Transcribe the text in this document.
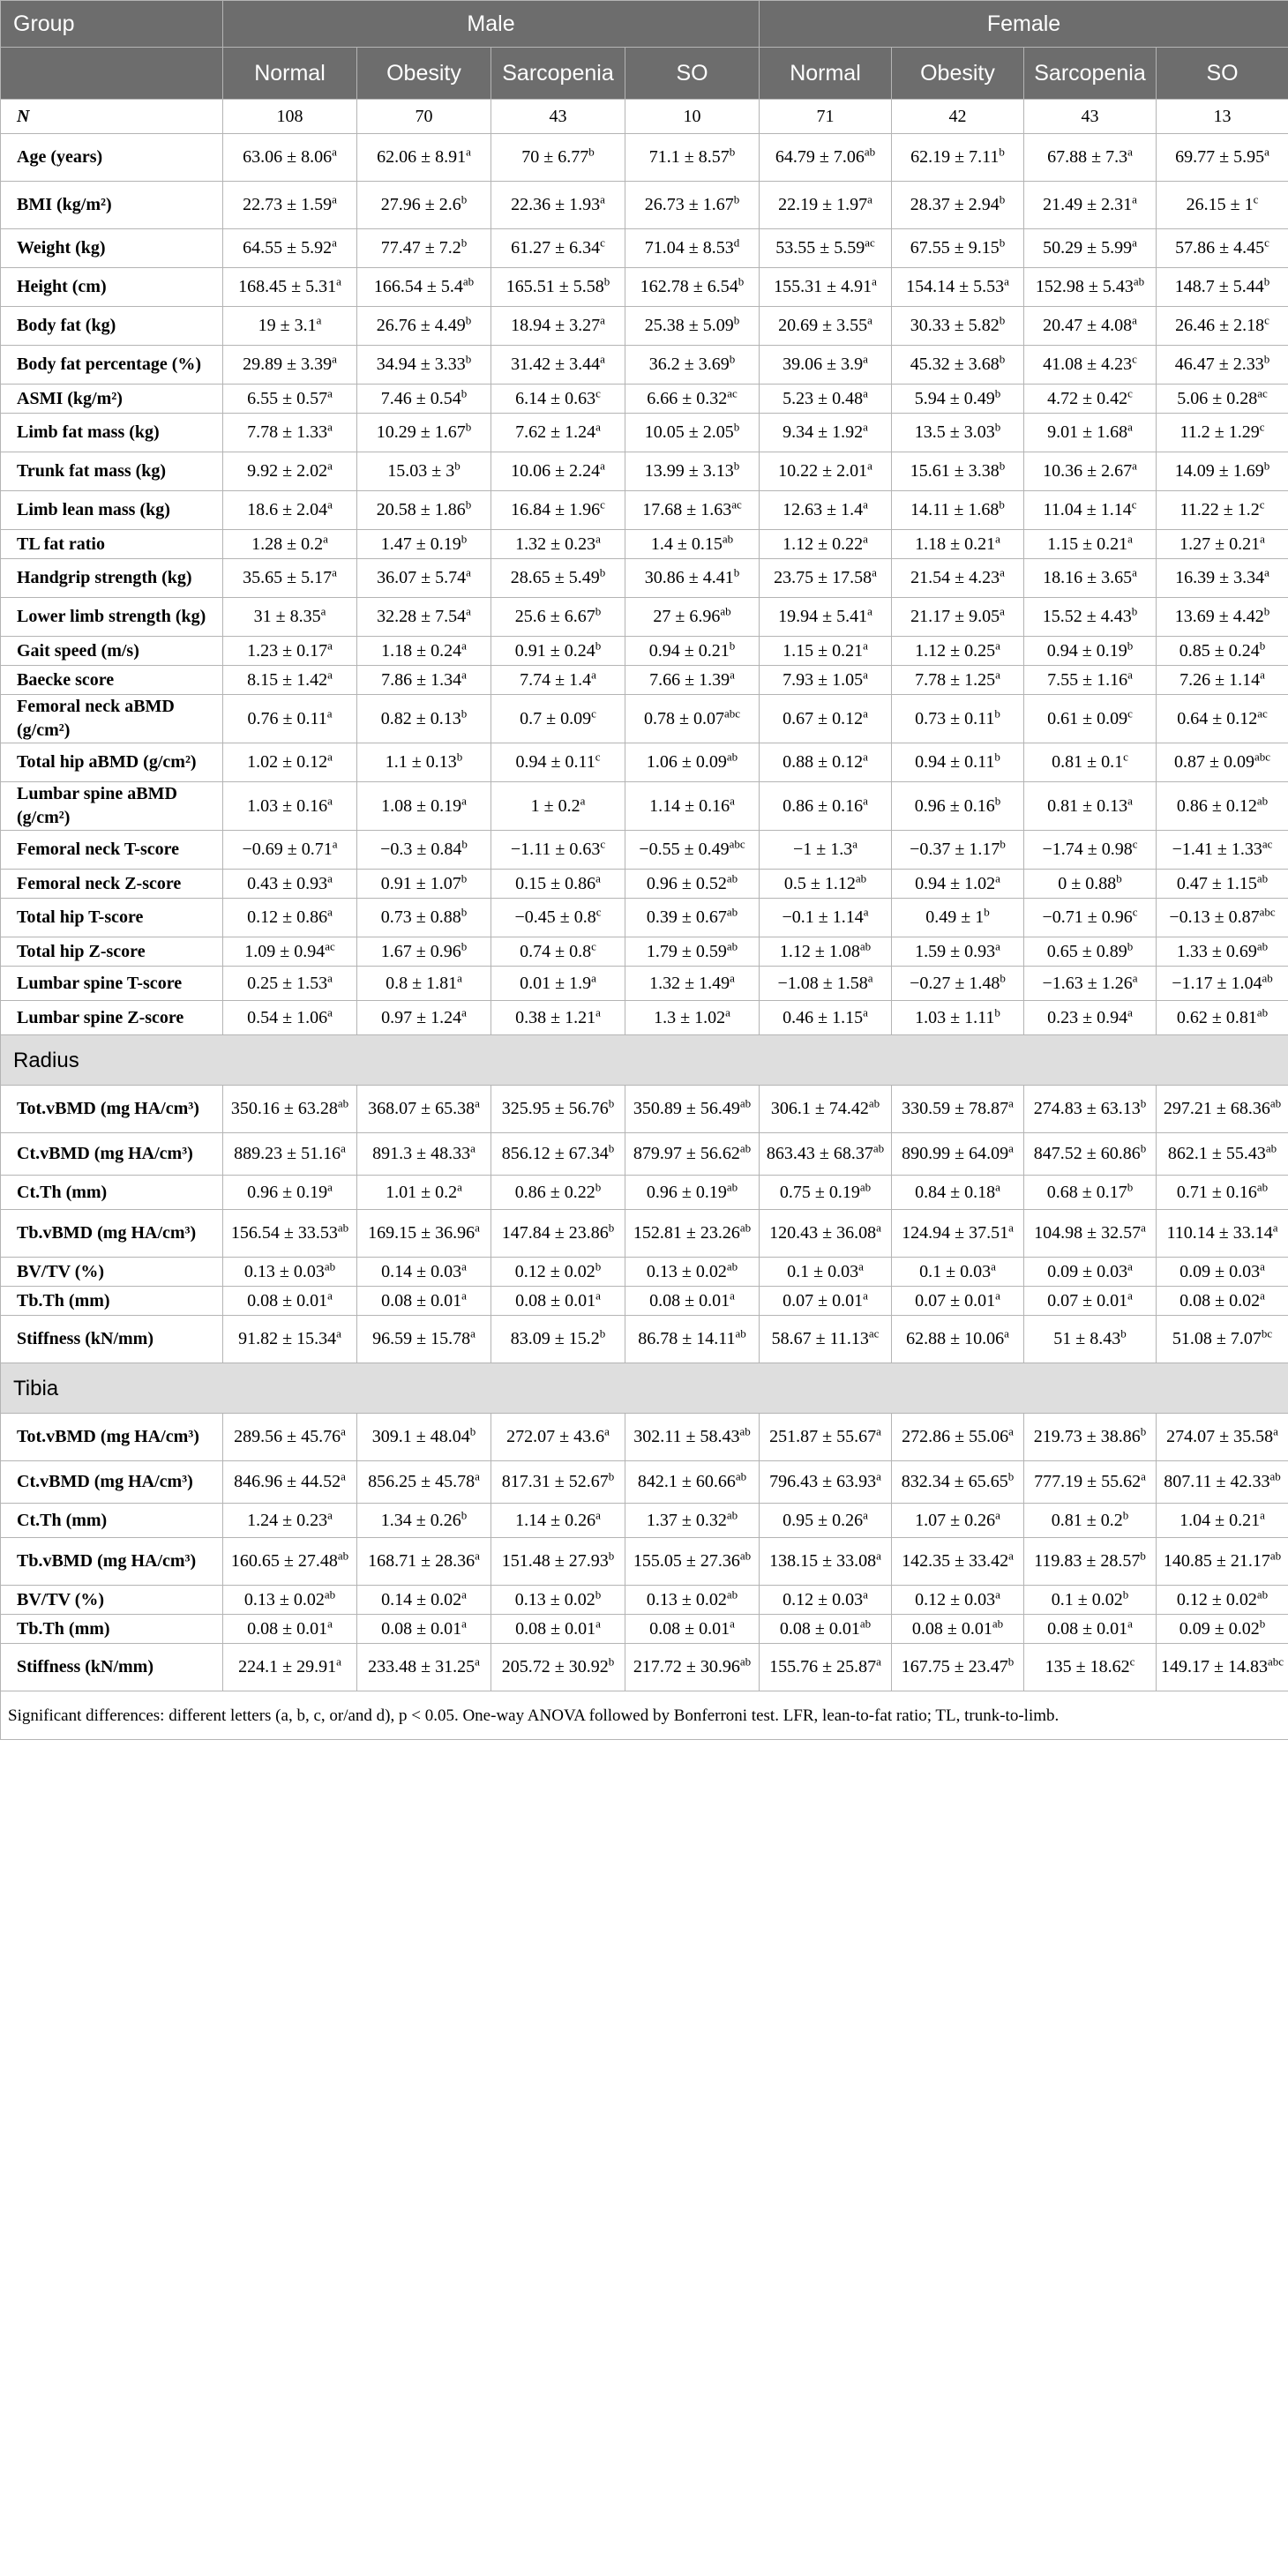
Group	Male				Female			
	Normal	Obesity	Sarcopenia	SO	Normal	Obesity	Sarcopenia	SO
N	108	70	43	10	71	42	43	13
Age (years)	63.06 ± 8.06$^a$	62.06 ± 8.91$^a$	70 ± 6.77$^b$	71.1 ± 8.57$^b$	64.79 ± 7.06$^{ab}$	62.19 ± 7.11$^b$	67.88 ± 7.3$^a$	69.77 ± 5.95$^a$
BMI (kg/m²)	22.73 ± 1.59$^a$	27.96 ± 2.6$^b$	22.36 ± 1.93$^a$	26.73 ± 1.67$^b$	22.19 ± 1.97$^a$	28.37 ± 2.94$^b$	21.49 ± 2.31$^a$	$26.15 \pm 1^c$
Weight (kg)	64.55 ± 5.92$^a$	77.47 ± 7.2$^b$	61.27 ± 6.34$^c$	71.04 ± 8.53$^d$	53.55 ± 5.59$^{ac}$	67.55 ± 9.15$^b$	50.29 ± 5.99$^a$	57.86 ± 4.45$^c$
Height (cm)	168.45 ± 5.31$^a$	166.54 ± 5.4$^{ab}$	165.51 ± 5.58$^b$	162.78 ± 6.54$^b$	155.31 ± 4.91$^a$	154.14 ± 5.53$^a$	152.98 ± 5.43$^{ab}$	148.7 ± 5.44$^b$
Body fat (kg)	19 ± 3.1$^a$	26.76 ± 4.49$^b$	18.94 ± 3.27$^a$	25.38 ± 5.09$^b$	20.69 ± 3.55$^a$	30.33 ± 5.82$^b$	20.47 ± 4.08$^a$	26.46 ± 2.18$^c$
Body fat percentage (%)	29.89 ± 3.39$^a$	34.94 ± 3.33$^b$	31.42 ± 3.44$^a$	36.2 ± 3.69$^b$	39.06 ± 3.9$^a$	45.32 ± 3.68$^b$	41.08 ± 4.23$^c$	46.47 ± 2.33$^b$
ASMI (kg/m²)	6.55 ± 0.57$^a$	7.46 ± 0.54$^b$	6.14 ± 0.63$^c$	6.66 ± 0.32$^{ac}$	5.23 ± 0.48$^a$	5.94 ± 0.49$^b$	4.72 ± 0.42$^c$	5.06 ± 0.28$^{ac}$
Limb fat mass (kg)	7.78 ± 1.33$^a$	10.29 ± 1.67$^b$	7.62 ± 1.24$^a$	10.05 ± 2.05$^b$	9.34 ± 1.92$^a$	13.5 ± 3.03$^b$	9.01 ± 1.68$^a$	11.2 ± 1.29$^c$
Trunk fat mass (kg)	9.92 ± 2.02$^a$	$15.03 \pm 3^b$	10.06 ± 2.24$^a$	13.99 ± 3.13$^b$	10.22 ± 2.01$^a$	15.61 ± 3.38$^b$	10.36 ± 2.67$^a$	14.09 ± 1.69$^b$
Limb lean mass (kg)	18.6 ± 2.04$^a$	20.58 ± 1.86$^b$	16.84 ± 1.96$^c$	17.68 ± 1.63$^{ac}$	12.63 ± 1.4$^a$	14.11 ± 1.68$^b$	11.04 ± 1.14$^c$	11.22 ± 1.2$^c$
TL fat ratio	1.28 ± 0.2$^a$	1.47 ± 0.19$^b$	1.32 ± 0.23$^a$	1.4 ± 0.15$^{ab}$	1.12 ± 0.22$^a$	1.18 ± 0.21$^a$	1.15 ± 0.21$^a$	1.27 ± 0.21$^a$
Handgrip strength (kg)	35.65 ± 5.17$^a$	36.07 ± 5.74$^a$	28.65 ± 5.49$^b$	30.86 ± 4.41$^b$	23.75 ± 17.58$^a$	21.54 ± 4.23$^a$	18.16 ± 3.65$^a$	16.39 ± 3.34$^a$
Lower limb strength (kg)	31 ± 8.35$^a$	32.28 ± 7.54$^a$	25.6 ± 6.67$^b$	27 ± 6.96$^{ab}$	19.94 ± 5.41$^a$	21.17 ± 9.05$^a$	15.52 ± 4.43$^b$	13.69 ± 4.42$^b$
Gait speed (m/s)	1.23 ± 0.17$^a$	1.18 ± 0.24$^a$	0.91 ± 0.24$^b$	0.94 ± 0.21$^b$	1.15 ± 0.21$^a$	1.12 ± 0.25$^a$	0.94 ± 0.19$^b$	0.85 ± 0.24$^b$
Baecke score	8.15 ± 1.42$^a$	7.86 ± 1.34$^a$	7.74 ± 1.4$^a$	7.66 ± 1.39$^a$	7.93 ± 1.05$^a$	7.78 ± 1.25$^a$	7.55 ± 1.16$^a$	7.26 ± 1.14$^a$
Femoral neck aBMD (g/cm²)	0.76 ± 0.11$^a$	0.82 ± 0.13$^b$	0.7 ± 0.09$^c$	0.78 ± 0.07$^{abc}$	0.67 ± 0.12$^a$	0.73 ± 0.11$^b$	0.61 ± 0.09$^c$	0.64 ± 0.12$^{ac}$
Total hip aBMD (g/cm²)	1.02 ± 0.12$^a$	1.1 ± 0.13$^b$	0.94 ± 0.11$^c$	1.06 ± 0.09$^{ab}$	0.88 ± 0.12$^a$	0.94 ± 0.11$^b$	0.81 ± 0.1$^c$	0.87 ± 0.09$^{abc}$
Lumbar spine aBMD (g/cm²)	1.03 ± 0.16$^a$	1.08 ± 0.19$^a$	1 ± 0.2$^a$	1.14 ± 0.16$^a$	0.86 ± 0.16$^a$	0.96 ± 0.16$^b$	0.81 ± 0.13$^a$	0.86 ± 0.12$^{ab}$
Femoral neck T-score	−0.69 ± 0.71$^a$	−0.3 ± 0.84$^b$	−1.11 ± 0.63$^c$	−0.55 ± 0.49$^{abc}$	−1 ± 1.3$^a$	−0.37 ± 1.17$^b$	−1.74 ± 0.98$^c$	−1.41 ± 1.33$^{ac}$
Femoral neck Z-score	0.43 ± 0.93$^a$	0.91 ± 1.07$^b$	0.15 ± 0.86$^a$	0.96 ± 0.52$^{ab}$	0.5 ± 1.12$^{ab}$	0.94 ± 1.02$^a$	0 ± 0.88$^b$	0.47 ± 1.15$^{ab}$
Total hip T-score	0.12 ± 0.86$^a$	0.73 ± 0.88$^b$	−0.45 ± 0.8$^c$	0.39 ± 0.67$^{ab}$	−0.1 ± 1.14$^a$	$0.49 \pm 1^b$	−0.71 ± 0.96$^c$	−0.13 ± 0.87$^{abc}$
Total hip Z-score	1.09 ± 0.94$^{ac}$	1.67 ± 0.96$^b$	0.74 ± 0.8$^c$	1.79 ± 0.59$^{ab}$	1.12 ± 1.08$^{ab}$	1.59 ± 0.93$^a$	0.65 ± 0.89$^b$	1.33 ± 0.69$^{ab}$
Lumbar spine T-score	0.25 ± 1.53$^a$	0.8 ± 1.81$^a$	0.01 ± 1.9$^a$	1.32 ± 1.49$^a$	−1.08 ± 1.58$^a$	−0.27 ± 1.48$^b$	−1.63 ± 1.26$^a$	−1.17 ± 1.04$^{ab}$
Lumbar spine Z-score	0.54 ± 1.06$^a$	0.97 ± 1.24$^a$	0.38 ± 1.21$^a$	1.3 ± 1.02$^a$	0.46 ± 1.15$^a$	1.03 ± 1.11$^b$	0.23 ± 0.94$^a$	0.62 ± 0.81$^{ab}$
Radius								
Tot.vBMD (mg HA/cm³)	350.16 ± 63.28$^{ab}$	368.07 ± 65.38$^a$	325.95 ± 56.76$^b$	350.89 ± 56.49$^{ab}$	306.1 ± 74.42$^{ab}$	330.59 ± 78.87$^a$	274.83 ± 63.13$^b$	297.21 ± 68.36$^{ab}$
Ct.vBMD (mg HA/cm³)	889.23 ± 51.16$^a$	891.3 ± 48.33$^a$	856.12 ± 67.34$^b$	879.97 ± 56.62$^{ab}$	863.43 ± 68.37$^{ab}$	890.99 ± 64.09$^a$	847.52 ± 60.86$^b$	862.1 ± 55.43$^{ab}$
Ct.Th (mm)	0.96 ± 0.19$^a$	1.01 ± 0.2$^a$	0.86 ± 0.22$^b$	0.96 ± 0.19$^{ab}$	0.75 ± 0.19$^{ab}$	0.84 ± 0.18$^a$	0.68 ± 0.17$^b$	0.71 ± 0.16$^{ab}$
Tb.vBMD (mg HA/cm³)	156.54 ± 33.53$^{ab}$	169.15 ± 36.96$^a$	147.84 ± 23.86$^b$	152.81 ± 23.26$^{ab}$	120.43 ± 36.08$^a$	124.94 ± 37.51$^a$	104.98 ± 32.57$^a$	110.14 ± 33.14$^a$
BV/TV (%)	0.13 ± 0.03$^{ab}$	0.14 ± 0.03$^a$	0.12 ± 0.02$^b$	0.13 ± 0.02$^{ab}$	0.1 ± 0.03$^a$	0.1 ± 0.03$^a$	0.09 ± 0.03$^a$	0.09 ± 0.03$^a$
Tb.Th (mm)	0.08 ± 0.01$^a$	0.08 ± 0.01$^a$	0.08 ± 0.01$^a$	0.08 ± 0.01$^a$	0.07 ± 0.01$^a$	0.07 ± 0.01$^a$	0.07 ± 0.01$^a$	0.08 ± 0.02$^a$
Stiffness (kN/mm)	91.82 ± 15.34$^a$	96.59 ± 15.78$^a$	83.09 ± 15.2$^b$	86.78 ± 14.11$^{ab}$	58.67 ± 11.13$^{ac}$	62.88 ± 10.06$^a$	51 ± 8.43$^b$	51.08 ± 7.07$^{bc}$
Tibia								
Tot.vBMD (mg HA/cm³)	289.56 ± 45.76$^a$	309.1 ± 48.04$^b$	272.07 ± 43.6$^a$	302.11 ± 58.43$^{ab}$	251.87 ± 55.67$^a$	272.86 ± 55.06$^a$	219.73 ± 38.86$^b$	274.07 ± 35.58$^a$
Ct.vBMD (mg HA/cm³)	846.96 ± 44.52$^a$	856.25 ± 45.78$^a$	817.31 ± 52.67$^b$	842.1 ± 60.66$^{ab}$	796.43 ± 63.93$^a$	832.34 ± 65.65$^b$	777.19 ± 55.62$^a$	807.11 ± 42.33$^{ab}$
Ct.Th (mm)	1.24 ± 0.23$^a$	1.34 ± 0.26$^b$	1.14 ± 0.26$^a$	1.37 ± 0.32$^{ab}$	0.95 ± 0.26$^a$	1.07 ± 0.26$^a$	0.81 ± 0.2$^b$	1.04 ± 0.21$^a$
Tb.vBMD (mg HA/cm³)	160.65 ± 27.48$^{ab}$	168.71 ± 28.36$^a$	151.48 ± 27.93$^b$	155.05 ± 27.36$^{ab}$	138.15 ± 33.08$^a$	142.35 ± 33.42$^a$	119.83 ± 28.57$^b$	140.85 ± 21.17$^{ab}$
BV/TV (%)	0.13 ± 0.02$^{ab}$	0.14 ± 0.02$^a$	0.13 ± 0.02$^b$	0.13 ± 0.02$^{ab}$	0.12 ± 0.03$^a$	0.12 ± 0.03$^a$	0.1 ± 0.02$^b$	0.12 ± 0.02$^{ab}$
Tb.Th (mm)	0.08 ± 0.01$^a$	0.08 ± 0.01$^a$	0.08 ± 0.01$^a$	0.08 ± 0.01$^a$	0.08 ± 0.01$^{ab}$	0.08 ± 0.01$^{ab}$	0.08 ± 0.01$^a$	0.09 ± 0.02$^b$
Stiffness (kN/mm)	224.1 ± 29.91$^a$	233.48 ± 31.25$^a$	205.72 ± 30.92$^b$	217.72 ± 30.96$^{ab}$	155.76 ± 25.87$^a$	167.75 ± 23.47$^b$	135 ± 18.62$^c$	149.17 ± 14.83$^{abc}$
Significant differences: different letters (a, b, c, or/and d), p < 0.05. One-way ANOVA followed by Bonferroni test. LFR, lean-to-fat ratio; TL, trunk-to-limb.								
